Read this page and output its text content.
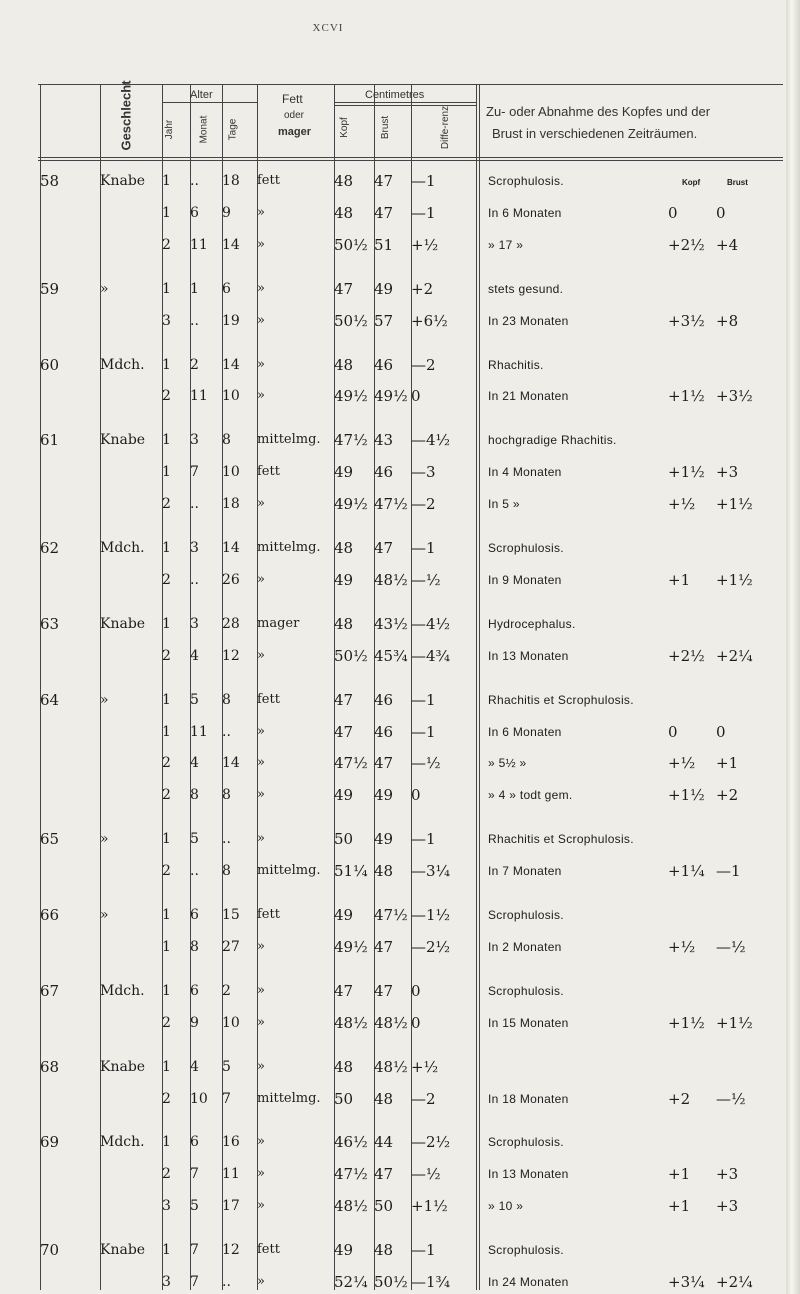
XCVI
Geschlecht	Alter
Jahr Monat Tage
Fett
oder
mager
Centimetres
Kopf	Brust	Diffe-renz	Zu- oder Abnahme des Kopfes und der
Brust in verschiedenen Zeiträumen.
58	Knabe 1 .. 18 fett	48 47 —1	Scrophulosis.	Kopf	Brust
1 6 9 »	48 47 —1	In 6 Monaten	0	0
2 11 14 »	50½ 51 +½	» 17 »	+2½ +4
59	»	1 1 6 »	47 49 +2	stets gesund.
3 .. 19 »	50½ 57 +6½	In 23 Monaten	+3½ +8
60	Mdch. 1 2 14 »	48 46 —2	Rhachitis.
2 11 10 »	49½ 49½ 0	In 21 Monaten	+1½ +3½
61	Knabe 1 3 8 mittelmg. 47½ 43 —4½	hochgradige Rhachitis.
1 7 10 fett	49 46 —3	In 4 Monaten	+1½ +3
2 .. 18 »	49½ 47½ —2	In 5 »	+½ +1½
62	Mdch. 1 3 14 mittelmg. 48 47 —1	Scrophulosis.
2 .. 26 »	49 48½ —½	In 9 Monaten	+1 +1½
63	Knabe 1 3 28 mager 48 43½ —4½	Hydrocephalus.
2 4 12 »	50½ 45¾ —4¾	In 13 Monaten	+2½ +2¼
64	»	1 5 8 fett	47 46 —1	Rhachitis et Scrophulosis.
1 11 .. »	47 46 —1	In 6 Monaten	0	0
2 4 14 »	47½ 47 —½	» 5½ »	+½ +1
2 8 8 »	49 49 0	» 4 » todt gem.	+1½ +2
65	»	1 5 .. »	50 49 —1	Rhachitis et Scrophulosis.
2 .. 8 mittelmg. 51¼ 48 —3¼	In 7 Monaten	+1¼ —1
66	»	1 6 15 fett	49 47½ —1½	Scrophulosis.
1 8 27 »	49½ 47 —2½	In 2 Monaten	+½ —½
67	Mdch. 1 6 2 »	47 47 0	Scrophulosis.
2 9 10 »	48½ 48½ 0	In 15 Monaten	+1½ +1½
68	Knabe 1 4 5 »	48 48½ +½
2 10 7 mittelmg. 50 48 —2	In 18 Monaten	+2 —½
69	Mdch. 1 6 16 »	46½ 44 —2½	Scrophulosis.
2 7 11 »	47½ 47 —½	In 13 Monaten	+1 +3
3 5 17 »	48½ 50 +1½	» 10 »	+1 +3
70	Knabe 1 7 12 fett	49 48 —1	Scrophulosis.
3 7 .. »	52¼ 50½ —1¾	In 24 Monaten	+3¼ +2¼
